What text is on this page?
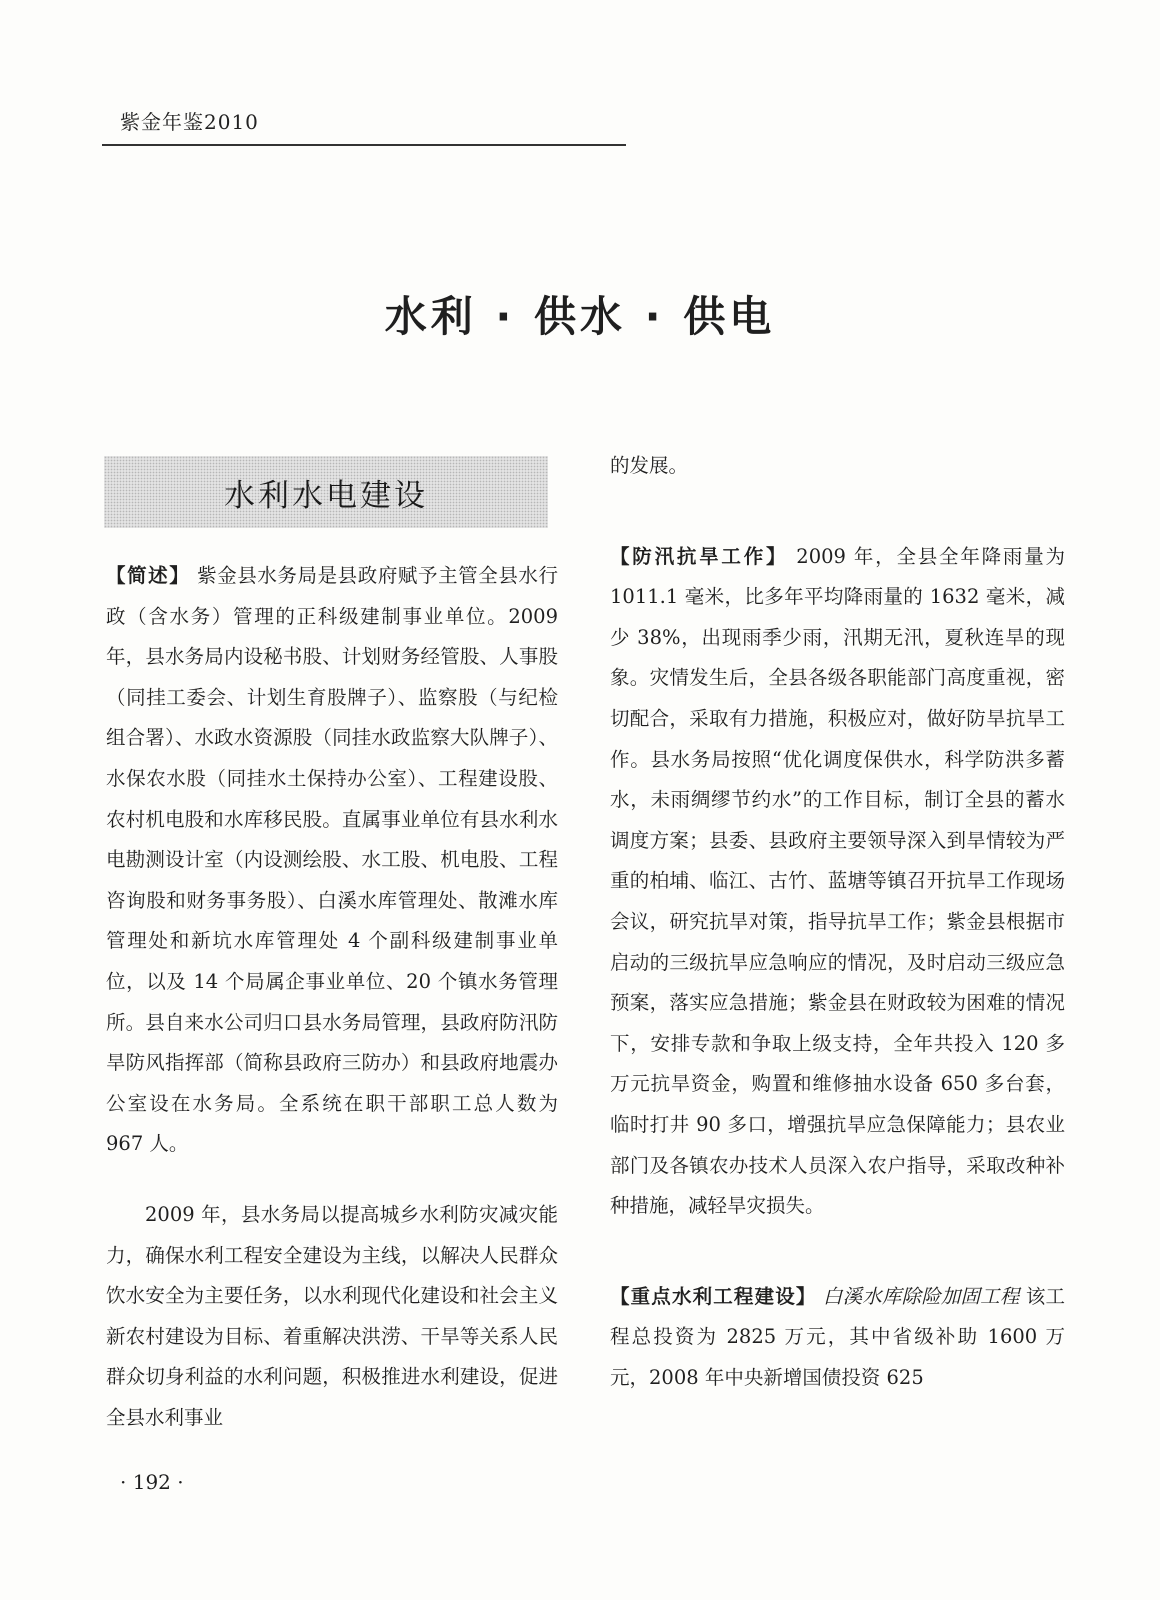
紫金年鉴2010
水利 · 供水 · 供电
水利水电建设

【简述】 紫金县水务局是县政府赋予主管全县水行政（含水务）管理的正科级建制事业单位。2009 年，县水务局内设秘书股、计划财务经管股、人事股（同挂工委会、计划生育股牌子）、监察股（与纪检组合署）、水政水资源股（同挂水政监察大队牌子）、水保农水股（同挂水土保持办公室）、工程建设股、农村机电股和水库移民股。直属事业单位有县水利水电勘测设计室（内设测绘股、水工股、机电股、工程咨询股和财务事务股）、白溪水库管理处、散滩水库管理处和新坑水库管理处 4 个副科级建制事业单位，以及 14 个局属企事业单位、20 个镇水务管理所。县自来水公司归口县水务局管理，县政府防汛防旱防风指挥部（简称县政府三防办）和县政府地震办公室设在水务局。全系统在职干部职工总人数为 967 人。

2009 年，县水务局以提高城乡水利防灾减灾能力，确保水利工程安全建设为主线，以解决人民群众饮水安全为主要任务，以水利现代化建设和社会主义新农村建设为目标、着重解决洪涝、干旱等关系人民群众切身利益的水利问题，积极推进水利建设，促进全县水利事业

的发展。

【防汛抗旱工作】 2009 年，全县全年降雨量为 1011.1 毫米，比多年平均降雨量的 1632 毫米，减少 38%，出现雨季少雨，汛期无汛，夏秋连旱的现象。灾情发生后，全县各级各职能部门高度重视，密切配合，采取有力措施，积极应对，做好防旱抗旱工作。县水务局按照“优化调度保供水，科学防洪多蓄水，未雨绸缪节约水”的工作目标，制订全县的蓄水调度方案；县委、县政府主要领导深入到旱情较为严重的柏埔、临江、古竹、蓝塘等镇召开抗旱工作现场会议，研究抗旱对策，指导抗旱工作；紫金县根据市启动的三级抗旱应急响应的情况，及时启动三级应急预案，落实应急措施；紫金县在财政较为困难的情况下，安排专款和争取上级支持，全年共投入 120 多万元抗旱资金，购置和维修抽水设备 650 多台套，临时打井 90 多口，增强抗旱应急保障能力；县农业部门及各镇农办技术人员深入农户指导，采取改种补种措施，减轻旱灾损失。

【重点水利工程建设】 白溪水库除险加固工程 该工程总投资为 2825 万元，其中省级补助 1600 万元，2008 年中央新增国债投资 625

· 192 ·
